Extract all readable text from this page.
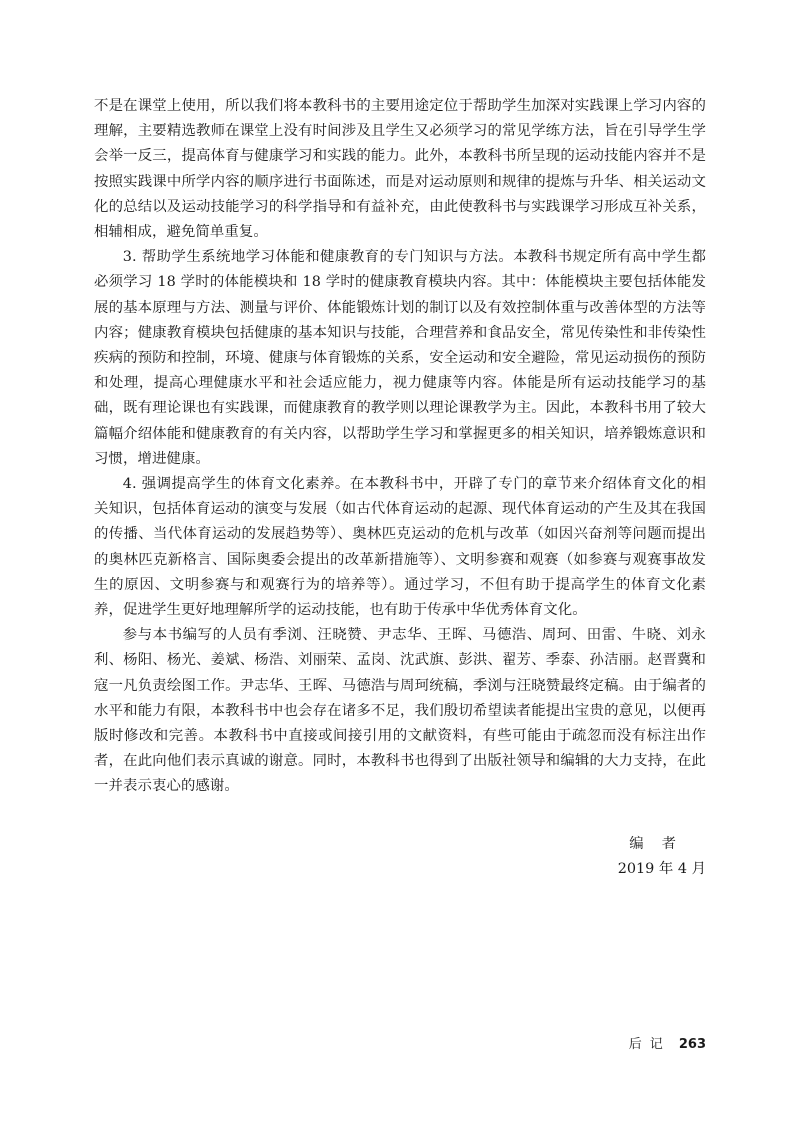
不是在课堂上使用，所以我们将本教科书的主要用途定位于帮助学生加深对实践课上学习内容的理解，主要精选教师在课堂上没有时间涉及且学生又必须学习的常见学练方法，旨在引导学生学会举一反三，提高体育与健康学习和实践的能力。此外，本教科书所呈现的运动技能内容并不是按照实践课中所学内容的顺序进行书面陈述，而是对运动原则和规律的提炼与升华、相关运动文化的总结以及运动技能学习的科学指导和有益补充，由此使教科书与实践课学习形成互补关系，相辅相成，避免简单重复。

3. 帮助学生系统地学习体能和健康教育的专门知识与方法。本教科书规定所有高中学生都必须学习 18 学时的体能模块和 18 学时的健康教育模块内容。其中：体能模块主要包括体能发展的基本原理与方法、测量与评价、体能锻炼计划的制订以及有效控制体重与改善体型的方法等内容；健康教育模块包括健康的基本知识与技能，合理营养和食品安全，常见传染性和非传染性疾病的预防和控制，环境、健康与体育锻炼的关系，安全运动和安全避险，常见运动损伤的预防和处理，提高心理健康水平和社会适应能力，视力健康等内容。体能是所有运动技能学习的基础，既有理论课也有实践课，而健康教育的教学则以理论课教学为主。因此，本教科书用了较大篇幅介绍体能和健康教育的有关内容，以帮助学生学习和掌握更多的相关知识，培养锻炼意识和习惯，增进健康。

4. 强调提高学生的体育文化素养。在本教科书中，开辟了专门的章节来介绍体育文化的相关知识，包括体育运动的演变与发展（如古代体育运动的起源、现代体育运动的产生及其在我国的传播、当代体育运动的发展趋势等）、奥林匹克运动的危机与改革（如因兴奋剂等问题而提出的奥林匹克新格言、国际奥委会提出的改革新措施等）、文明参赛和观赛（如参赛与观赛事故发生的原因、文明参赛与和观赛行为的培养等）。通过学习，不但有助于提高学生的体育文化素养，促进学生更好地理解所学的运动技能，也有助于传承中华优秀体育文化。

参与本书编写的人员有季浏、汪晓赞、尹志华、王晖、马德浩、周珂、田雷、牛晓、刘永利、杨阳、杨光、姜斌、杨浩、刘丽荣、孟岗、沈武旗、彭洪、翟芳、季泰、孙洁丽。赵晋冀和寇一凡负责绘图工作。尹志华、王晖、马德浩与周珂统稿，季浏与汪晓赞最终定稿。由于编者的水平和能力有限，本教科书中也会存在诸多不足，我们殷切希望读者能提出宝贵的意见，以便再版时修改和完善。本教科书中直接或间接引用的文献资料，有些可能由于疏忽而没有标注出作者，在此向他们表示真诚的谢意。同时，本教科书也得到了出版社领导和编辑的大力支持，在此一并表示衷心的感谢。

编者
2019 年 4 月
后记 263
